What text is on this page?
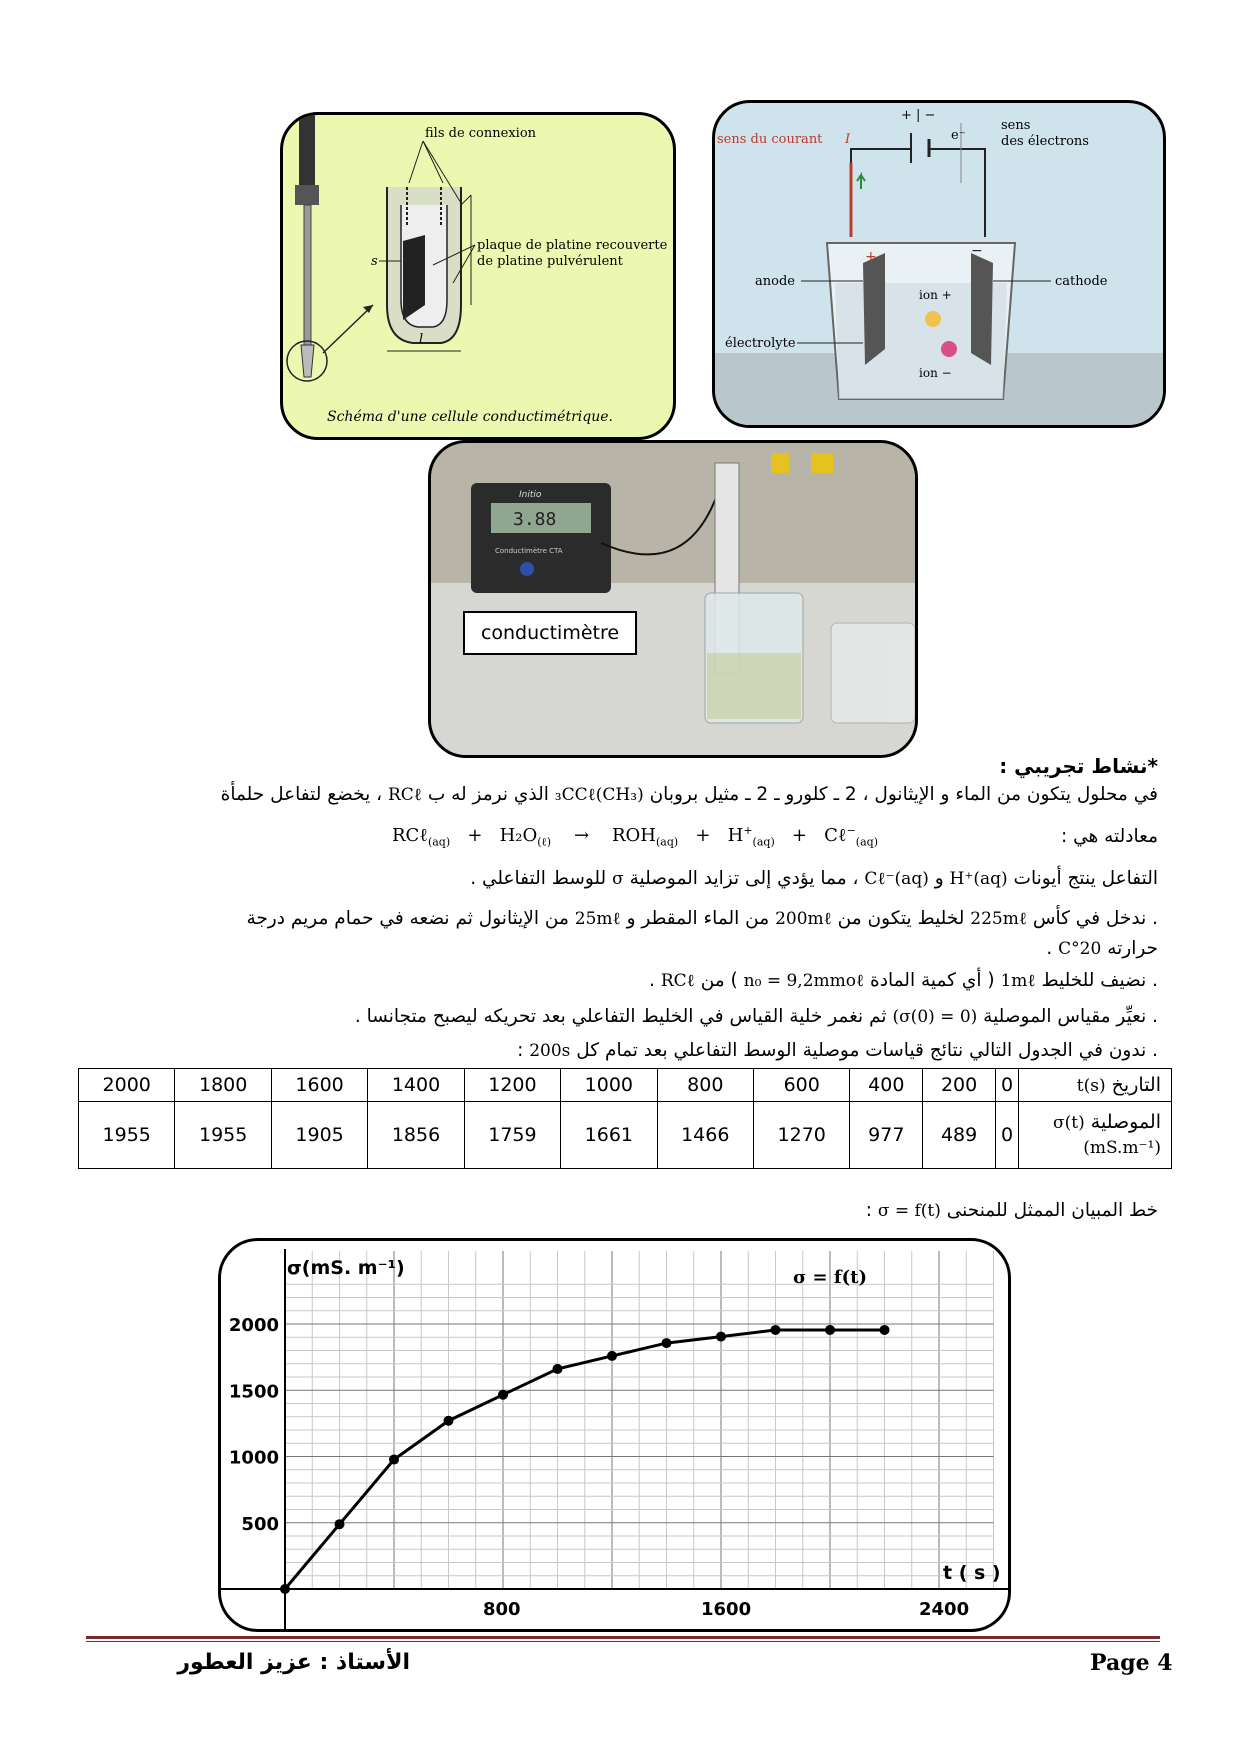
fils de connexion
plaque de platine recouverte
de platine pulvérulent
s
l
Schéma d'une cellule conductimétrique.
+ | −
sens du courant I	e⁻
sens
des électrons
+	−
anode	cathode
ion +
ion −
électrolyte
3.88
Initio
Conductimètre CTA
conductimètre
*نشاط تجريبي :
في محلول يتكون من الماء و الإيثانول ، 2 ـ كلورو ـ 2 ـ مثيل بروبان (CH₃)₃CCℓ الذي نرمز له ب RCℓ ، يخضع لتفاعل حلمأة
معادلته هي :
RCℓ$_{(aq)}$ + $H_2O_{(\ell)} \to ROH_{(aq)} + H^+_{(aq)}$ + Cℓ−$_{(aq)}$
التفاعل ينتج أيونات H⁺(aq) و Cℓ⁻(aq) ، مما يؤدي إلى تزايد الموصلية σ للوسط التفاعلي .
. ندخل في كأس 225mℓ لخليط يتكون من 200mℓ من الماء المقطر و 25mℓ من الإيثانول ثم نضعه في حمام مريم درجة
حرارته 20°C .
. نضيف للخليط 1mℓ ( أي كمية المادة n₀ = 9,2mmoℓ ) من RCℓ .
. نعيِّر مقياس الموصلية (σ(0) = 0) ثم نغمر خلية القياس في الخليط التفاعلي بعد تحريكه ليصبح متجانسا .
. ندون في الجدول التالي نتائج قياسات موصلية الوسط التفاعلي بعد تمام كل 200s :
التاريخ t(s)	0	200	400	600	800	1000	1200	1400	1600	1800	2000
الموصلية σ(t)
(mS.m⁻¹)	0	489	977	1270	1466	1661	1759	1856	1905	1955	1955
خط المبيان الممثل للمنحنى σ = f(t) :
800	1600	2400
500
1000
1500
2000
σ(mS. m⁻¹)
t ( s )
σ = f(t)
Page 4
الأستاذ : عزيز العطور
